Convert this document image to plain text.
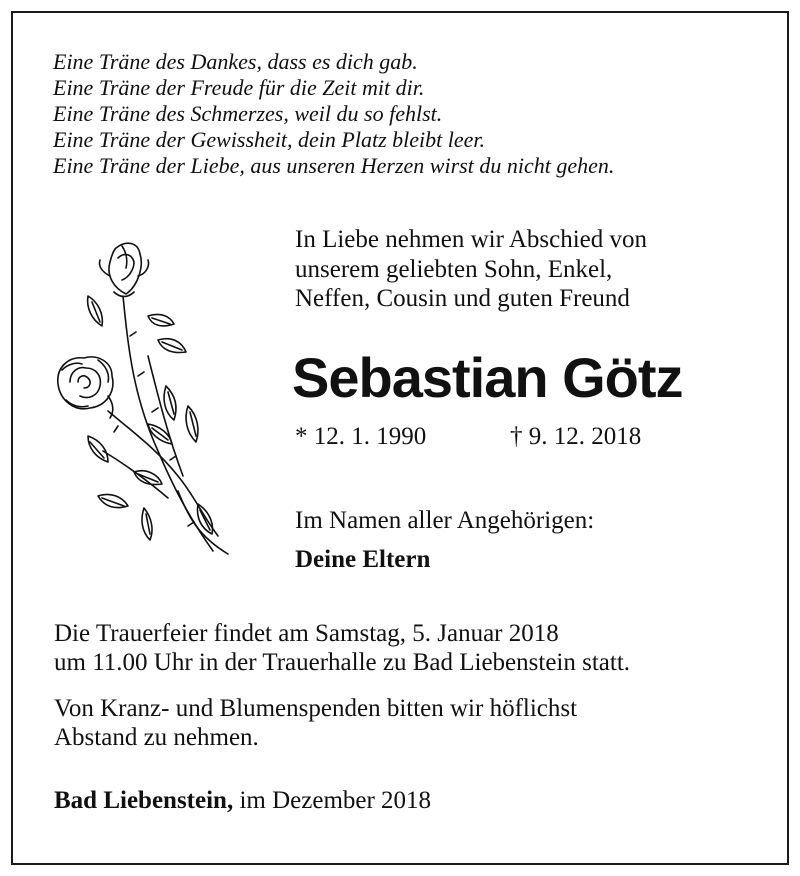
Eine Träne des Dankes, dass es dich gab.
Eine Träne der Freude für die Zeit mit dir.
Eine Träne des Schmerzes, weil du so fehlst.
Eine Träne der Gewissheit, dein Platz bleibt leer.
Eine Träne der Liebe, aus unseren Herzen wirst du nicht gehen.
In Liebe nehmen wir Abschied von
unserem geliebten Sohn, Enkel,
Neffen, Cousin und guten Freund
Sebastian Götz
* 12. 1. 1990	† 9. 12. 2018
Im Namen aller Angehörigen:
Deine Eltern
Die Trauerfeier findet am Samstag, 5. Januar 2018
um 11.00 Uhr in der Trauerhalle zu Bad Liebenstein statt.
Von Kranz- und Blumenspenden bitten wir höflichst
Abstand zu nehmen.
Bad Liebenstein, im Dezember 2018
